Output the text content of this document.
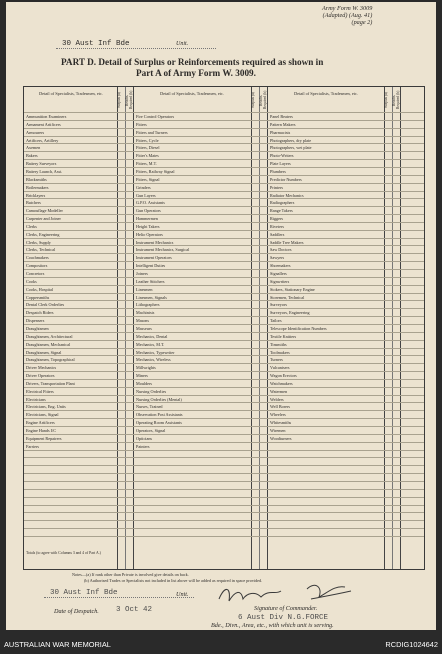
Army Form W. 3009
(Adapted) (Aug. 41)
(page 2)
30 Aust Inf Bde	Unit.
PART D. Detail of Surplus or Reinforcements required as shown in
Part A of Army Form W. 3009.
Detail of Specialists, Tradesmen, etc.	Surplus (a)	Reinfts. Required (b)	Detail of Specialists, Tradesmen, etc.	Surplus (a)	Reinfts. Required (b)	Detail of Specialists, Tradesmen, etc.	Surplus (a)	Reinfts. Required (b)
Ammunition Examiners	Fire Control Operators	Panel Beaters
Armament Artificers	Fitters	Pattern Makers
Armourers	Fitters and Turners	Pharmacists
Artificers, Artillery	Fitters, Cycle	Photographers, dry plate
Axemen	Fitters, Diesel	Photographers, wet plate
Bakers	Fitter's Mates	Photo-Writers
Battery Surveyors	Fitters, M.T.	Plate Layers
Battery Launch, Asst.	Fitters, Railway Signal	Plumbers
Blacksmiths	Fitters, Signal	Predictor Numbers
Boilermakers	Grinders	Printers
Bricklayers	Gun Layers	Radiator Mechanics
Butchers	G.P.O. Assistants	Radiographers
Camouflage Modeller	Gun Operators	Range Takers
Carpenter and Joiner	Hammermen	Riggers
Clerks	Height Takers	Riveters
Clerks, Engineering	Helio Operators	Saddlers
Clerks, Supply	Instrument Mechanics	Saddle Tree Makers
Clerks, Technical	Instrument Mechanics, Surgical	Saw Doctors
Coachmakers	Instrument Operators	Sawyers
Compositors	Intelligent Duties	Shoemakers
Concretors	Joiners	Signallers
Cooks	Leather Stitchers	Signwriters
Cooks, Hospital	Linesmen	Stokers, Stationary Engine
Coppersmiths	Linesmen, Signals	Storemen, Technical
Dental Clerk Orderlies	Lithographers	Surveyors
Despatch Riders	Machinists	Surveyors, Engineering
Dispensers	Masons	Tailors
Draughtsmen	Masseurs	Telescope Identification Numbers
Draughtsmen, Architectural	Mechanics, Dental	Textile Knitters
Draughtsmen, Mechanical	Mechanics, M.T.	Tinsmiths
Draughtsmen, Signal	Mechanics, Typewriter	Toolmakers
Draughtsmen, Topographical	Mechanics, Wireless	Turners
Driver Mechanics	Millwrights	Vulcanisers
Driver Operators	Miners	Wagon Erectors
Drivers, Transportation Plant	Moulders	Watchmakers
Electrical Fitters	Nursing Orderlies	Watermen
Electricians	Nursing Orderlies (Mental)	Welders
Electricians, Eng. Units	Nurses, Trained	Well Borers
Electricians, Signal	Observation Post Assistants	Wheelers
Engine Artificers	Operating Room Assistants	Whitesmiths
Engine Hands I/C	Operators, Signal	Wiremen
Equipment Repairers	Opticians	Woodturners
Farriers	Painters
Totals (to agree with Columns 3 and 4 of Part A.)
Notes—(a) If rank other than Private is involved give details on back.
(b) Authorised Trades or Specialists not included in list above will be added as required in space provided.
30 Aust Inf Bde	Unit.
Signature of Commander.
Date of Despatch. 3 Oct 42
6 Aust Div N.G.FORCE
Bde., Divn., Area, etc., with which unit is serving.
AUSTRALIAN WAR MEMORIAL	RCDIG1024642
